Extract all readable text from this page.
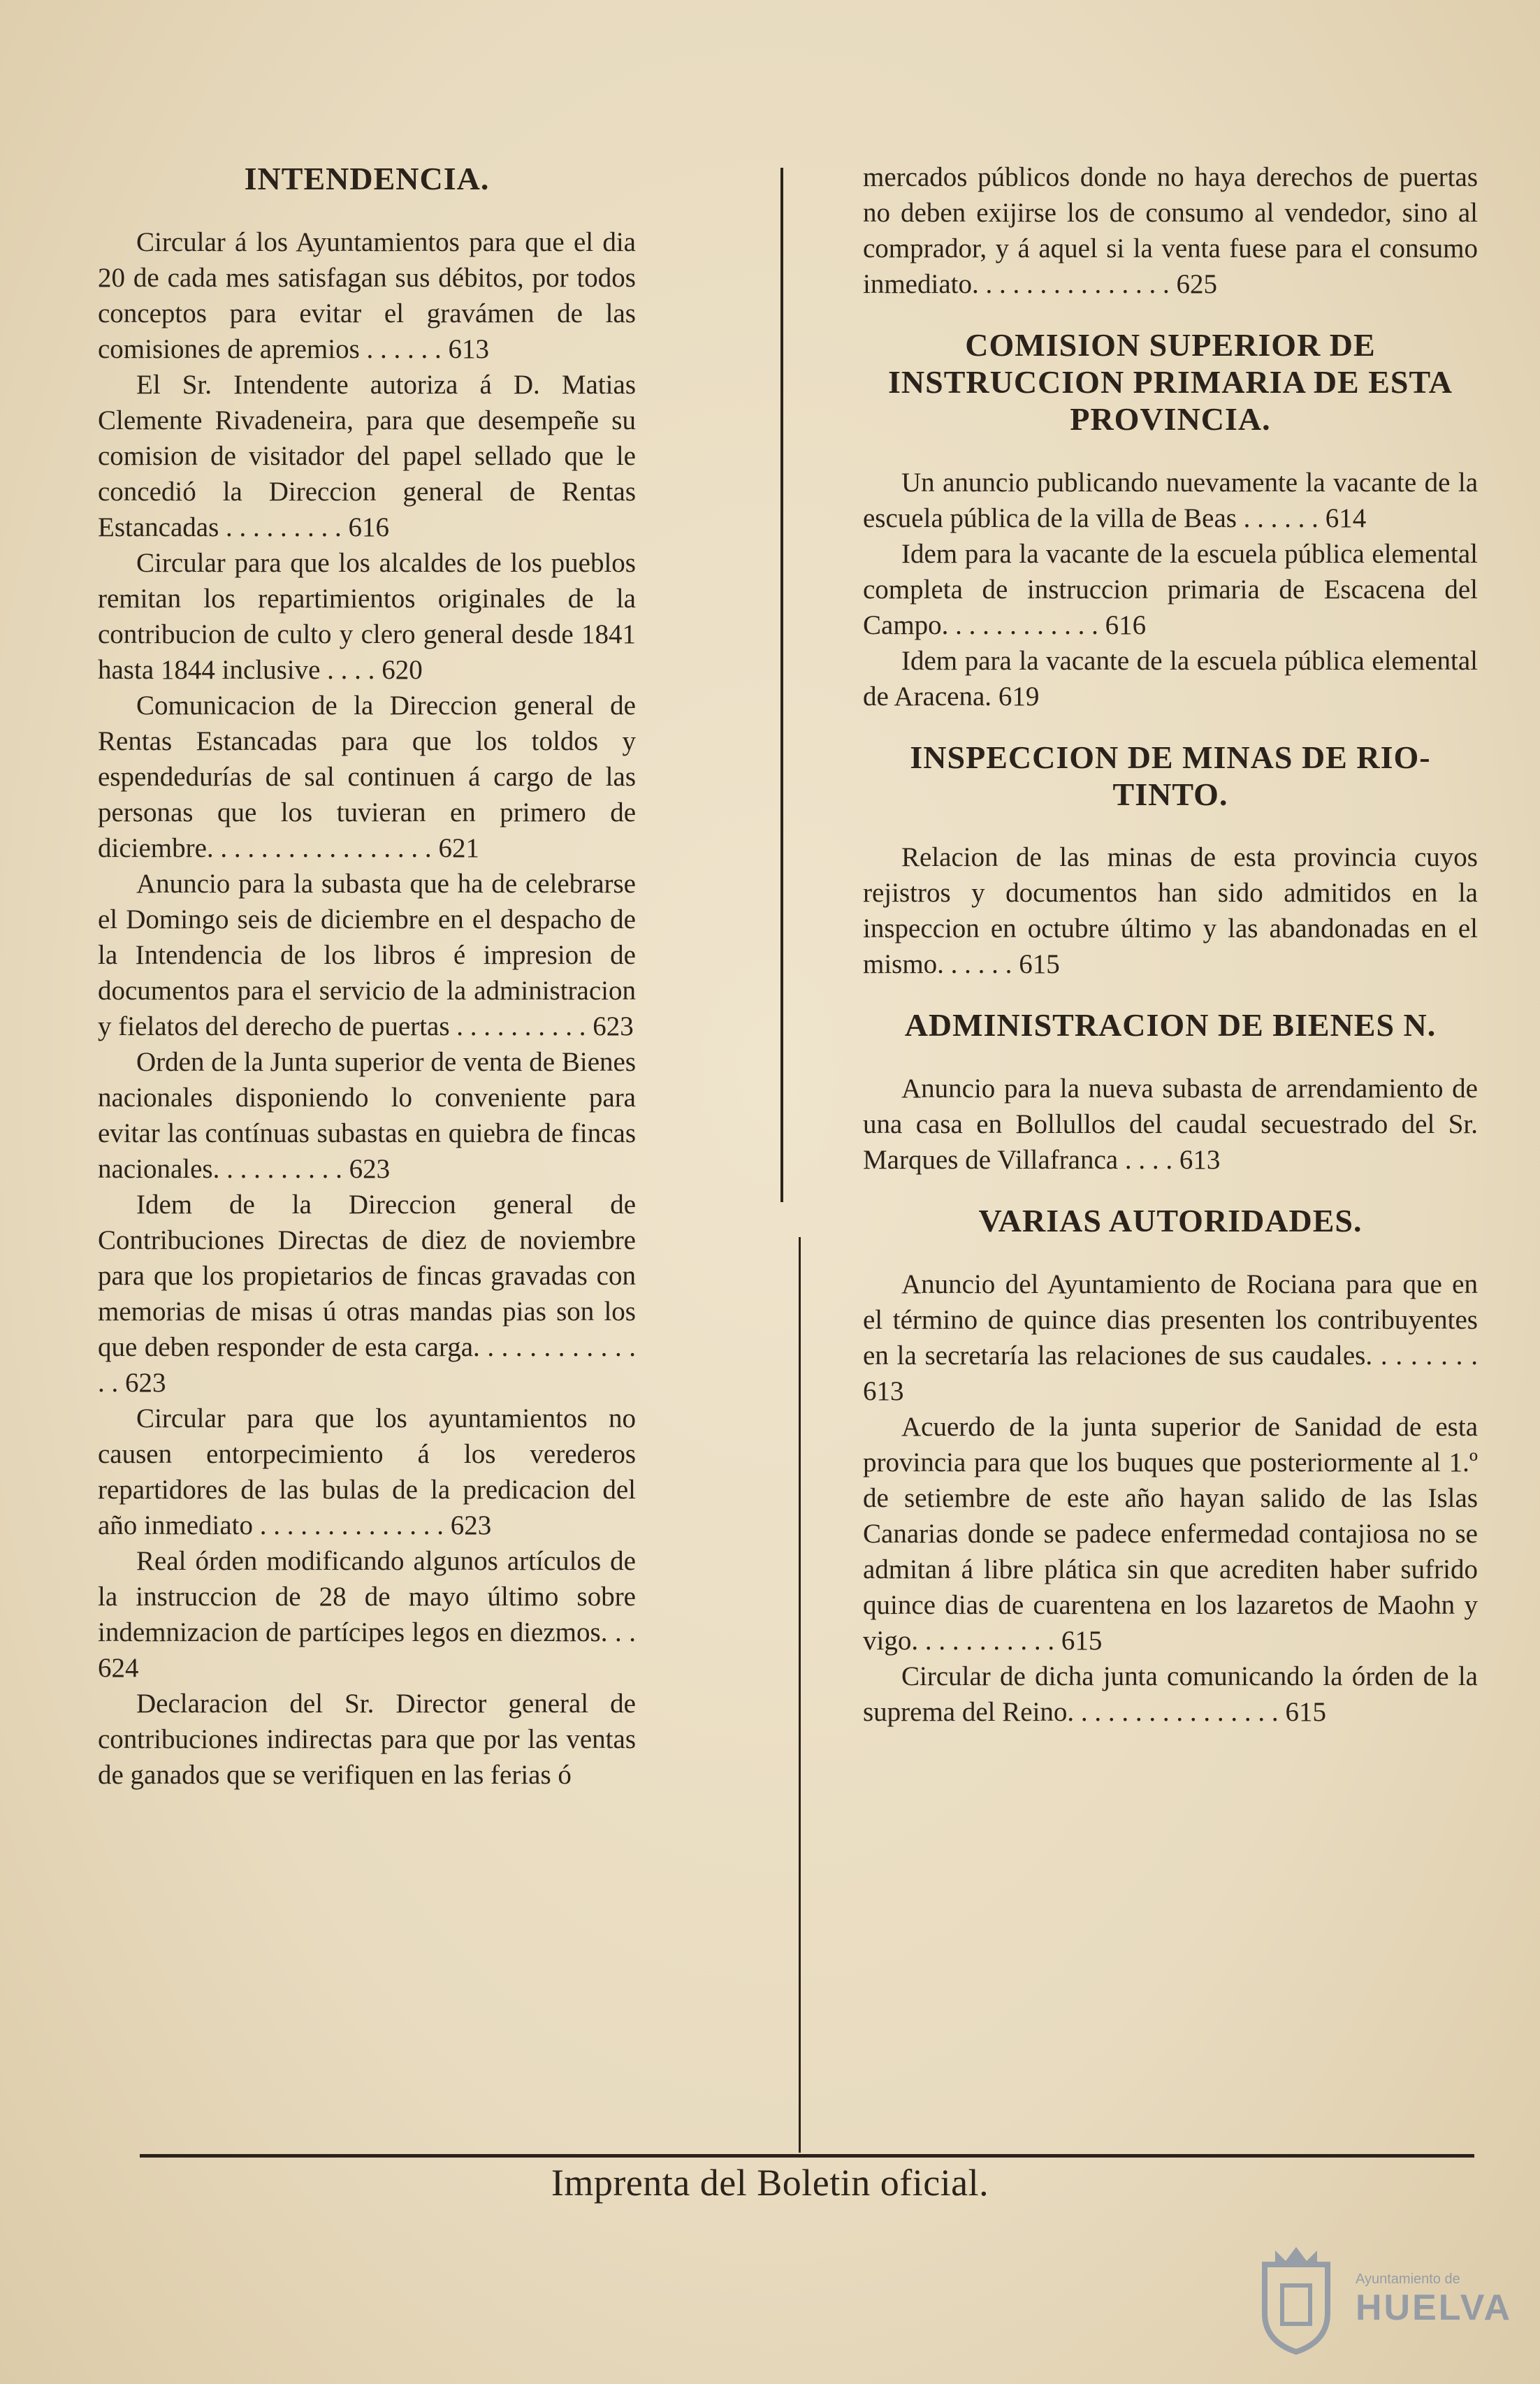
INTENDENCIA.

Circular á los Ayuntamientos para que el dia 20 de cada mes satisfagan sus débitos, por todos conceptos para evitar el gravámen de las comisiones de apremios . . . . . . 613

El Sr. Intendente autoriza á D. Matias Clemente Rivadeneira, para que desempeñe su comision de visitador del papel sellado que le concedió la Direccion general de Rentas Estancadas . . . . . . . . . 616

Circular para que los alcaldes de los pueblos remitan los repartimientos originales de la contribucion de culto y clero general desde 1841 hasta 1844 inclusive . . . . 620

Comunicacion de la Direccion general de Rentas Estancadas para que los toldos y espendedurías de sal continuen á cargo de las personas que los tuvieran en primero de diciembre. . . . . . . . . . . . . . . . . 621

Anuncio para la subasta que ha de celebrarse el Domingo seis de diciembre en el despacho de la Intendencia de los libros é impresion de documentos para el servicio de la administracion y fielatos del derecho de puertas . . . . . . . . . . 623

Orden de la Junta superior de venta de Bienes nacionales disponiendo lo conveniente para evitar las contínuas subastas en quiebra de fincas nacionales. . . . . . . . . . 623

Idem de la Direccion general de Contribuciones Directas de diez de noviembre para que los propietarios de fincas gravadas con memorias de misas ú otras mandas pias son los que deben responder de esta carga. . . . . . . . . . . . . . 623

Circular para que los ayuntamientos no causen entorpecimiento á los verederos repartidores de las bulas de la predicacion del año inmediato . . . . . . . . . . . . . . 623

Real órden modificando algunos artículos de la instruccion de 28 de mayo último sobre indemnizacion de partícipes legos en diezmos. . . 624

Declaracion del Sr. Director general de contribuciones indirectas para que por las ventas de ganados que se verifiquen en las ferias ó

mercados públicos donde no haya derechos de puertas no deben exijirse los de consumo al vendedor, sino al comprador, y á aquel si la venta fuese para el consumo inmediato. . . . . . . . . . . . . . . 625

COMISION SUPERIOR DE INSTRUCCION PRIMARIA DE ESTA PROVINCIA.

Un anuncio publicando nuevamente la vacante de la escuela pública de la villa de Beas . . . . . . 614

Idem para la vacante de la escuela pública elemental completa de instruccion primaria de Escacena del Campo. . . . . . . . . . . . 616

Idem para la vacante de la escuela pública elemental de Aracena. 619

INSPECCION DE MINAS DE RIO-TINTO.

Relacion de las minas de esta provincia cuyos rejistros y documentos han sido admitidos en la inspeccion en octubre último y las abandonadas en el mismo. . . . . . 615

ADMINISTRACION DE BIENES N.

Anuncio para la nueva subasta de arrendamiento de una casa en Bollullos del caudal secuestrado del Sr. Marques de Villafranca . . . . 613

VARIAS AUTORIDADES.

Anuncio del Ayuntamiento de Rociana para que en el término de quince dias presenten los contribuyentes en la secretaría las relaciones de sus caudales. . . . . . . . 613

Acuerdo de la junta superior de Sanidad de esta provincia para que los buques que posteriormente al 1.º de setiembre de este año hayan salido de las Islas Canarias donde se padece enfermedad contajiosa no se admitan á libre plática sin que acrediten haber sufrido quince dias de cuarentena en los lazaretos de Maohn y vigo. . . . . . . . . . . 615

Circular de dicha junta comunicando la órden de la suprema del Reino. . . . . . . . . . . . . . . . 615

Imprenta del Boletin oficial.
Ayuntamiento de
HUELVA
